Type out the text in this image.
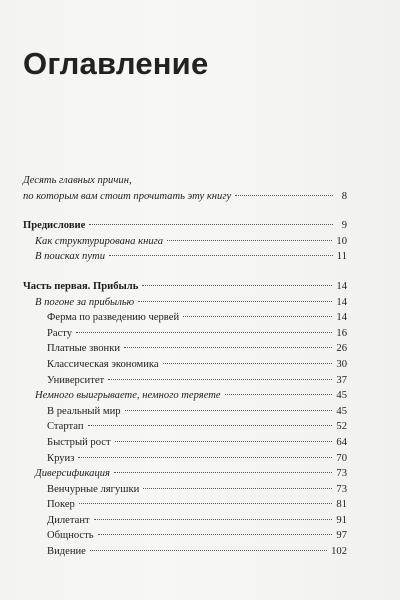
Оглавление
Десять главных причин,
по которым вам стоит прочитать эту книгу	8
Предисловие	9
Как структурирована книга	10
В поисках пути	11
Часть первая. Прибыль	14
В погоне за прибылью	14
Ферма по разведению червей	14
Расту	16
Платные звонки	26
Классическая экономика	30
Университет	37
Немного выигрываете, немного теряете	45
В реальный мир	45
Стартап	52
Быстрый рост	64
Круиз	70
Диверсификация	73
Венчурные лягушки	73
Покер	81
Дилетант	91
Общность	97
Видение	102
